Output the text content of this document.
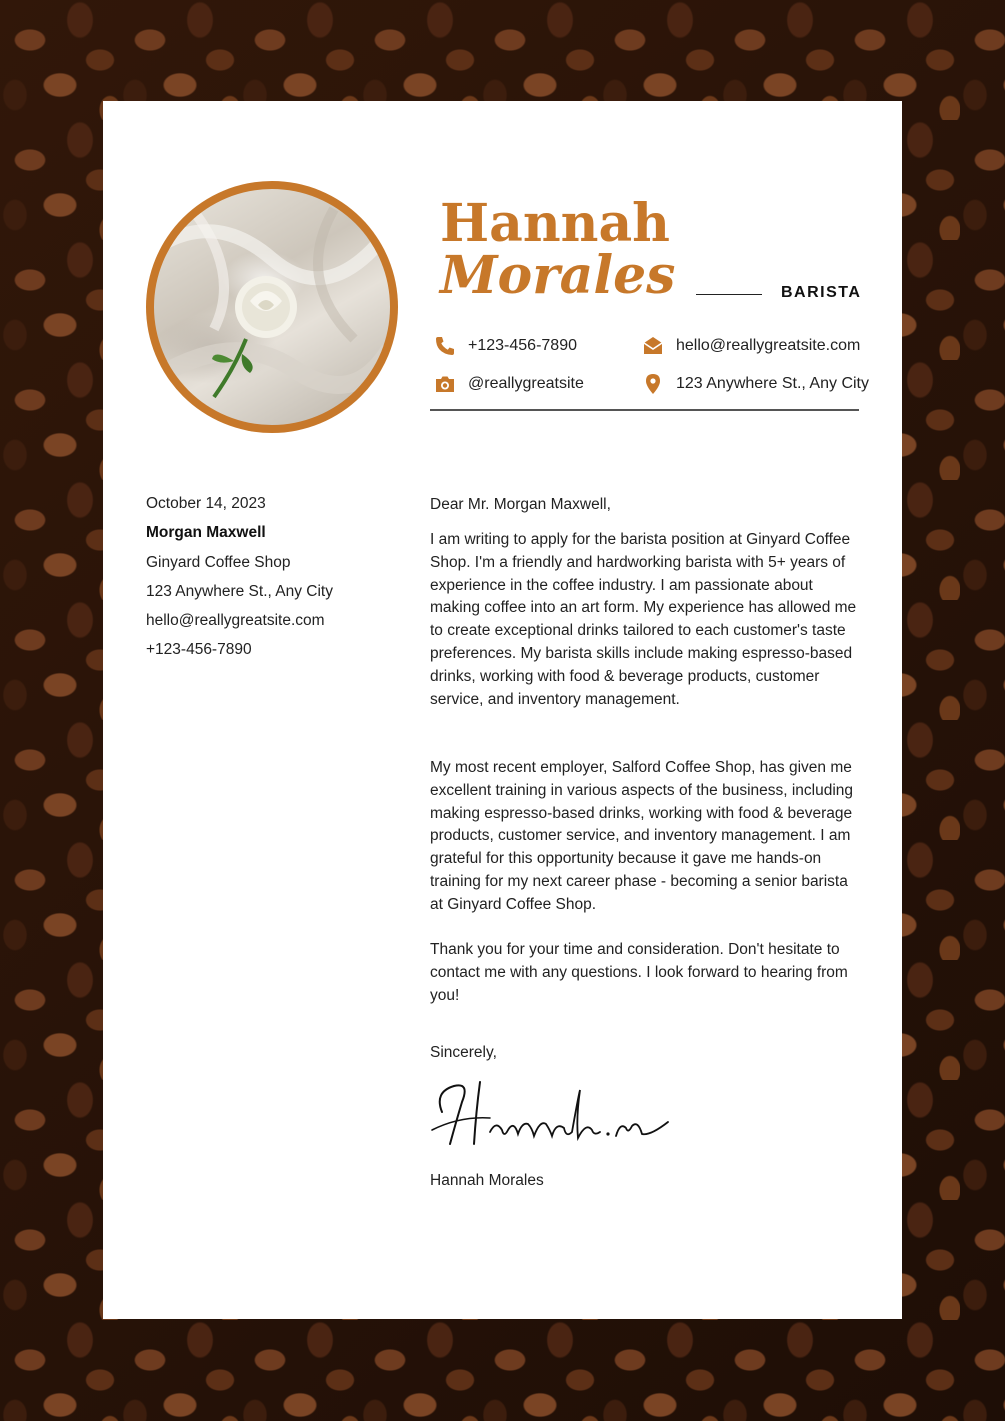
Hannah
Morales	BARISTA
+123-456-7890	hello@reallygreatsite.com
@reallygreatsite	123 Anywhere St., Any City
October 14, 2023
Morgan Maxwell
Ginyard Coffee Shop
123 Anywhere St., Any City
hello@reallygreatsite.com
+123-456-7890

Dear Mr. Morgan Maxwell,

I am writing to apply for the barista position at Ginyard Coffee Shop. I'm a friendly and hardworking barista with 5+ years of experience in the coffee industry. I am passionate about making coffee into an art form. My experience has allowed me to create exceptional drinks tailored to each customer's taste preferences. My barista skills include making espresso-based drinks, working with food & beverage products, customer service, and inventory management.

My most recent employer, Salford Coffee Shop, has given me excellent training in various aspects of the business, including making espresso-based drinks, working with food & beverage products, customer service, and inventory management. I am grateful for this opportunity because it gave me hands-on training for my next career phase - becoming a senior barista at Ginyard Coffee Shop.

Thank you for your time and consideration. Don't hesitate to contact me with any questions. I look forward to hearing from you!

Sincerely,

Hannah Morales
